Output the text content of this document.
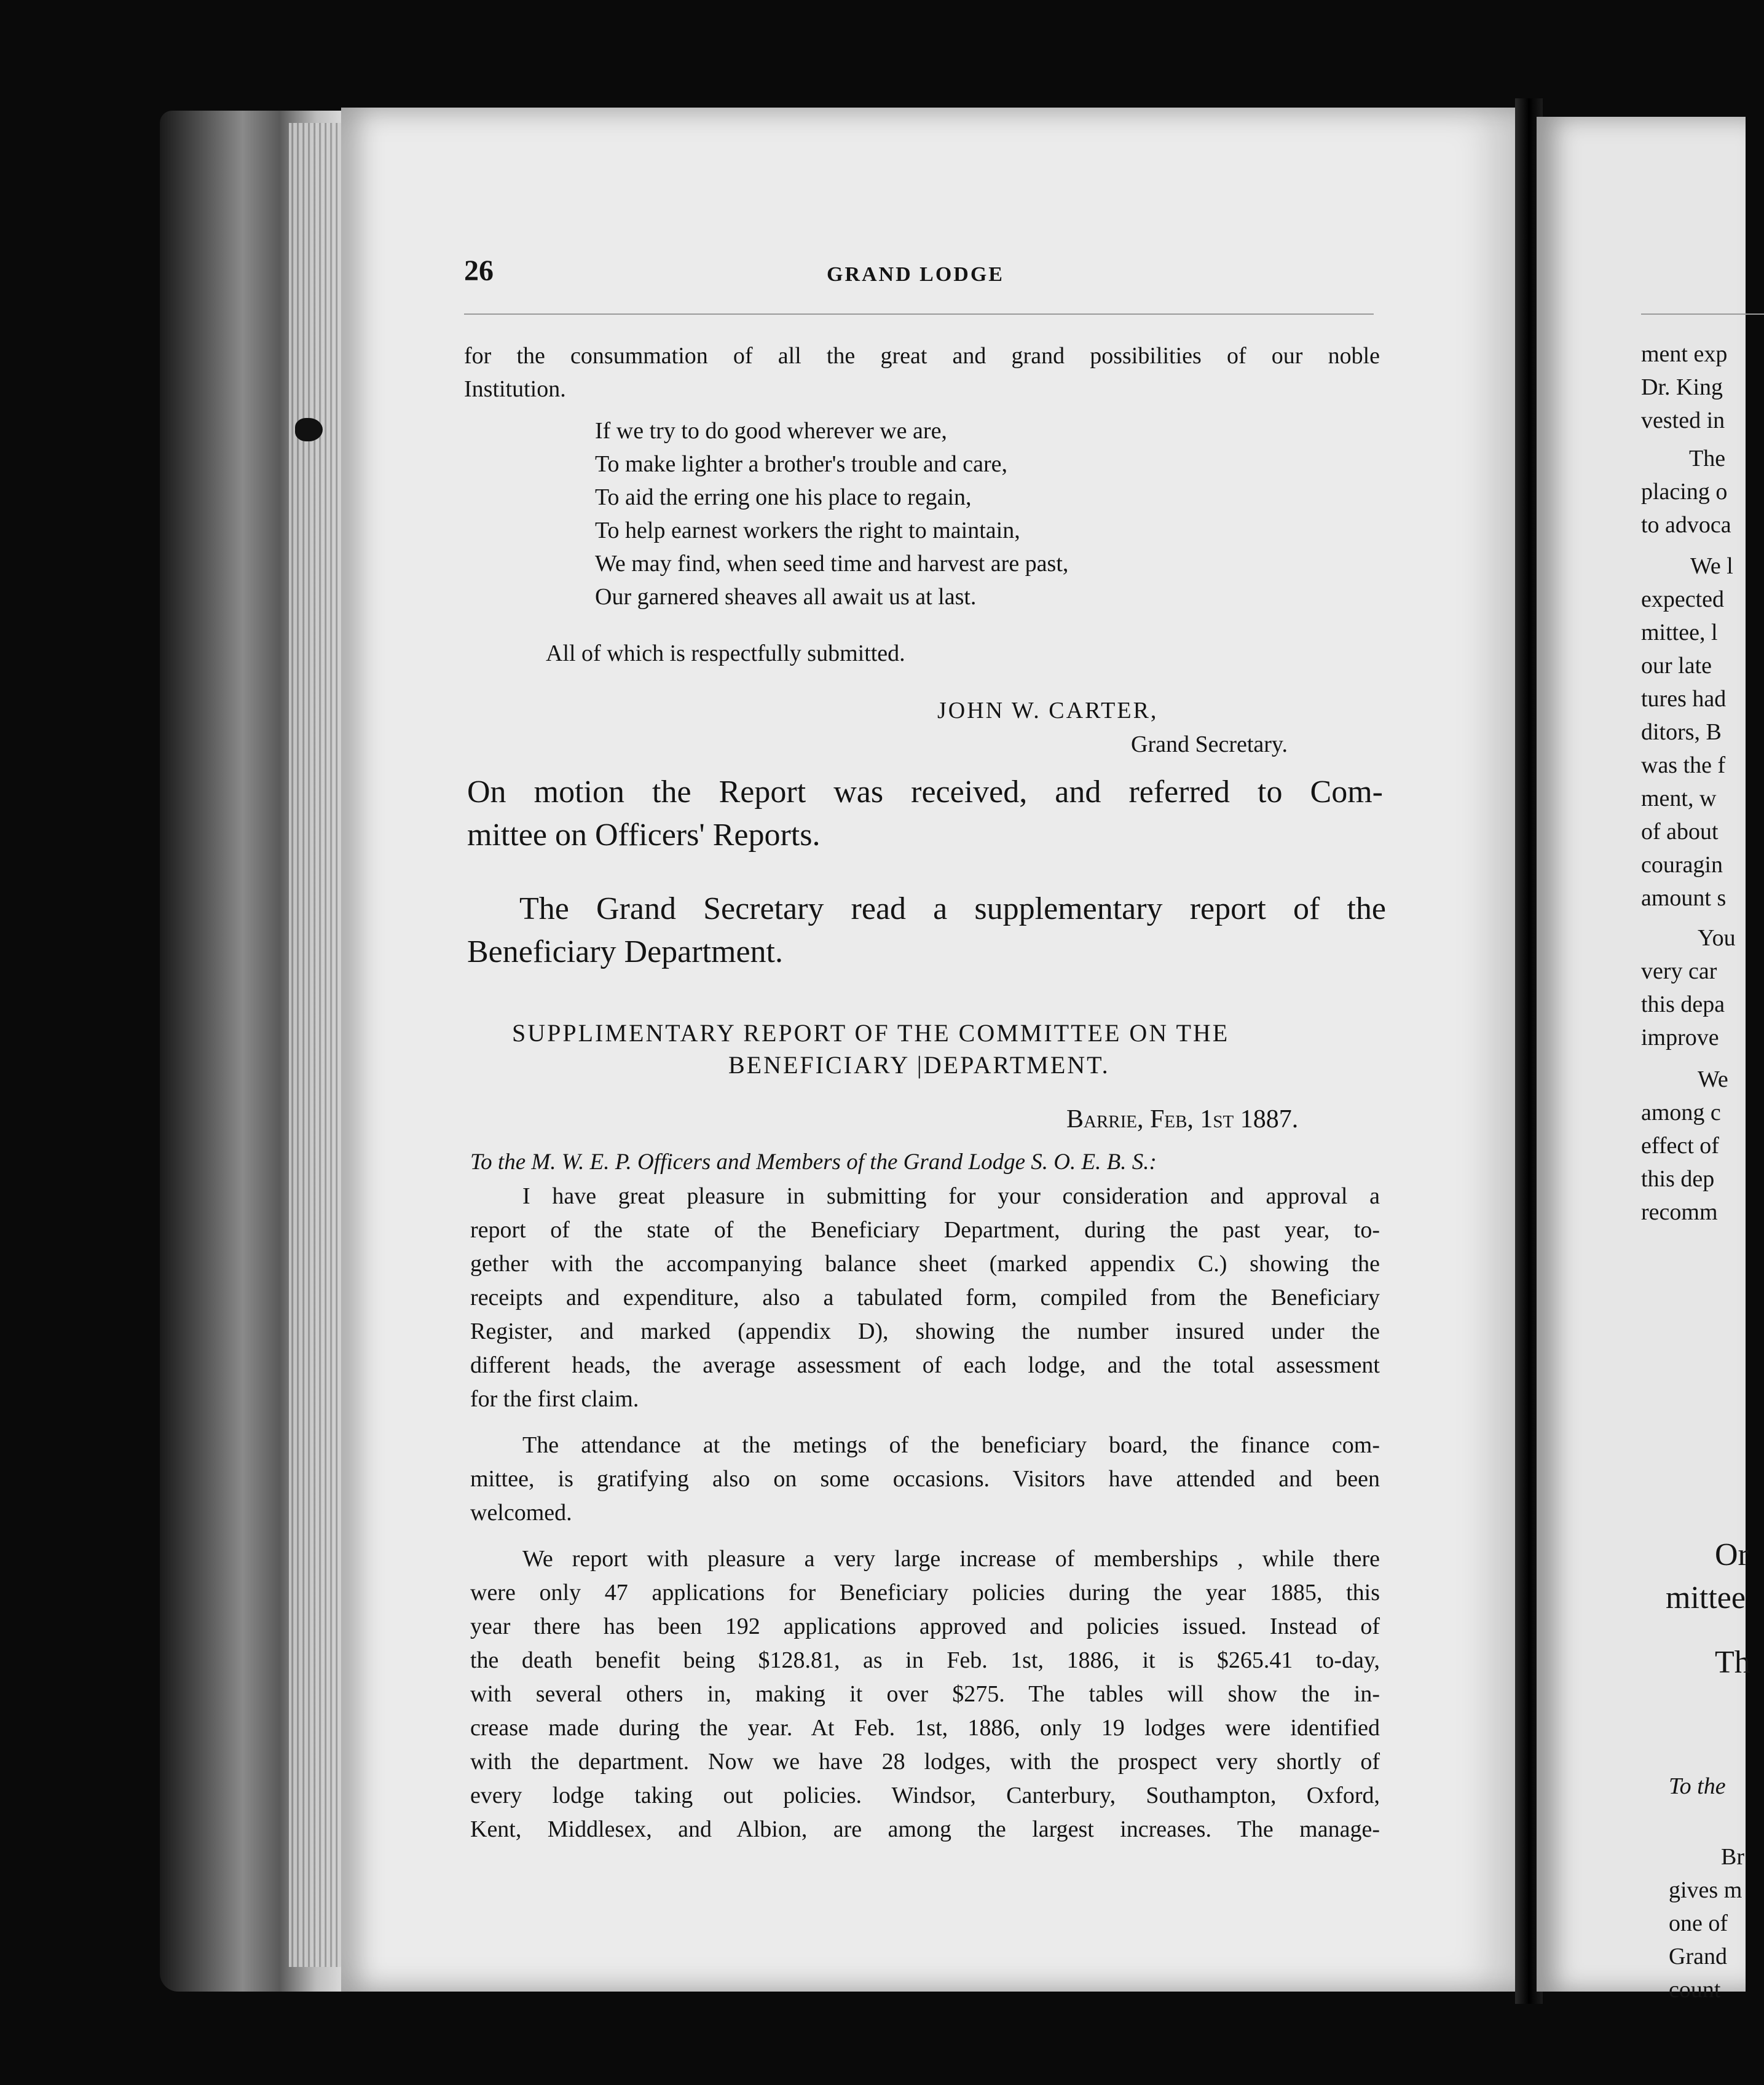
26	GRAND LODGE
for the consummation of all the great and grand possibilities of our noble
Institution.
If we try to do good wherever we are,
To make lighter a brother's trouble and care,
To aid the erring one his place to regain,
To help earnest workers the right to maintain,
We may find, when seed time and harvest are past,
Our garnered sheaves all await us at last.
All of which is respectfully submitted.
JOHN W. CARTER,
Grand Secretary.
On motion the Report was received, and referred to Com-
mittee on Officers' Reports.
The Grand Secretary read a supplementary report of the
Beneficiary Department.
SUPPLIMENTARY REPORT OF THE COMMITTEE ON THE
BENEFICIARY |DEPARTMENT.
Barrie, Feb, 1st 1887.
To the M. W. E. P. Officers and Members of the Grand Lodge S. O. E. B. S.:
I have great pleasure in submitting for your consideration and approval a
report of the state of the Beneficiary Department, during the past year, to-
gether with the accompanying balance sheet (marked appendix C.) showing the
receipts and expenditure, also a tabulated form, compiled from the Beneficiary
Register, and marked (appendix D), showing the number insured under the
different heads, the average assessment of each lodge, and the total assessment
for the first claim.
The attendance at the metings of the beneficiary board, the finance com-
mittee, is gratifying also on some occasions. Visitors have attended and been
welcomed.
We report with pleasure a very large increase of memberships , while there
were only 47 applications for Beneficiary policies during the year 1885, this
year there has been 192 applications approved and policies issued. Instead of
the death benefit being $128.81, as in Feb. 1st, 1886, it is $265.41 to-day,
with several others in, making it over $275. The tables will show the in-
crease made during the year. At Feb. 1st, 1886, only 19 lodges were identified
with the department. Now we have 28 lodges, with the prospect very shortly of
every lodge taking out policies. Windsor, Canterbury, Southampton, Oxford,
Kent, Middlesex, and Albion, are among the largest increases. The manage-
ment exp
Dr. King
vested in
The
placing o
to advoca
We l
expected
mittee, l
our late
tures had
ditors, B
was the f
ment, w
of about
couragin
amount s
You
very car
this depa
improve
We
among c
effect of
this dep
recomm
Or
mittee
Th
To the
Br
gives m
one of
Grand
count
